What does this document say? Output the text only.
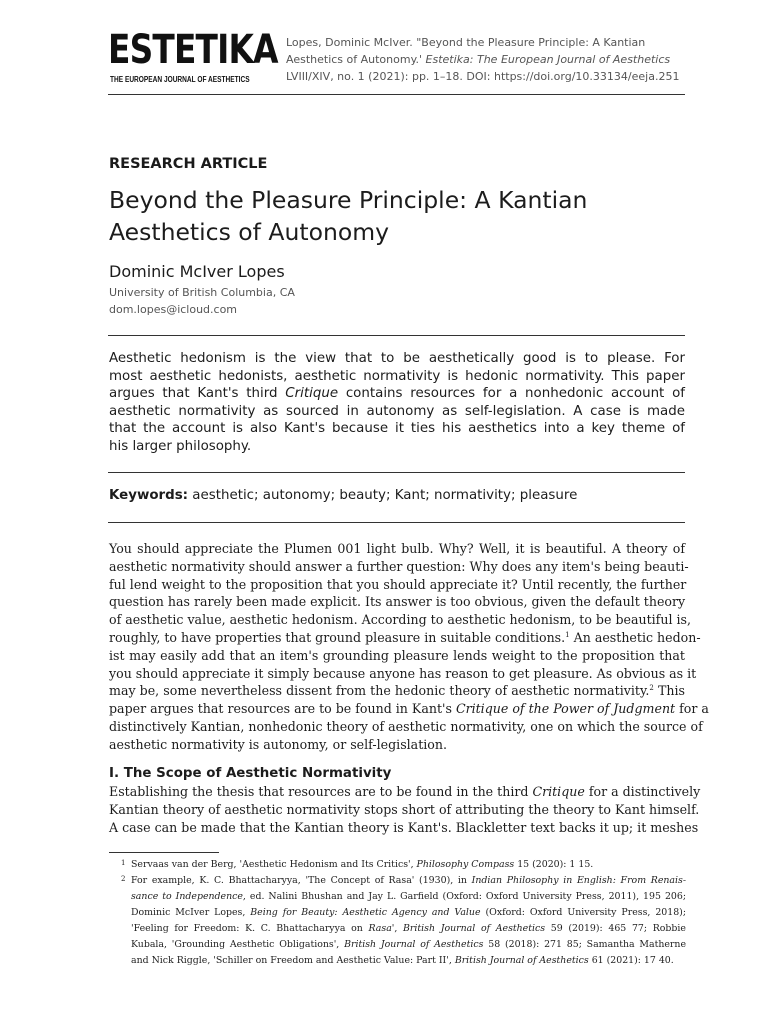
ESTETIKA
THE EUROPEAN JOURNAL OF AESTHETICS
Lopes, Dominic McIver. "Beyond the Pleasure Principle: A Kantian
Aesthetics of Autonomy.' Estetika: The European Journal of Aesthetics
LVIII/XIV, no. 1 (2021): pp. 1–18. DOI: https://doi.org/10.33134/eeja.251
RESEARCH ARTICLE
Beyond the Pleasure Principle: A Kantian
Aesthetics of Autonomy
Dominic McIver Lopes
University of British Columbia, CA
dom.lopes@icloud.com
Aesthetic hedonism is the view that to be aesthetically good is to please. For
most aesthetic hedonists, aesthetic normativity is hedonic normativity. This paper
argues that Kant's third Critique contains resources for a nonhedonic account of
aesthetic normativity as sourced in autonomy as self-legislation. A case is made
that the account is also Kant's because it ties his aesthetics into a key theme of
his larger philosophy.
Keywords: aesthetic; autonomy; beauty; Kant; normativity; pleasure
You should appreciate the Plumen 001 light bulb. Why? Well, it is beautiful. A theory of
aesthetic normativity should answer a further question: Why does any item's being beauti-
ful lend weight to the proposition that you should appreciate it? Until recently, the further
question has rarely been made explicit. Its answer is too obvious, given the default theory
of aesthetic value, aesthetic hedonism. According to aesthetic hedonism, to be beautiful is,
roughly, to have properties that ground pleasure in suitable conditions.$^1$ An aesthetic hedon-
ist may easily add that an item's grounding pleasure lends weight to the proposition that
you should appreciate it simply because anyone has reason to get pleasure. As obvious as it
may be, some nevertheless dissent from the hedonic theory of aesthetic normativity.$^2$ This
paper argues that resources are to be found in Kant's Critique of the Power of Judgment for a
distinctively Kantian, nonhedonic theory of aesthetic normativity, one on which the source of
aesthetic normativity is autonomy, or self-legislation.
I. The Scope of Aesthetic Normativity
Establishing the thesis that resources are to be found in the third Critique for a distinctively
Kantian theory of aesthetic normativity stops short of attributing the theory to Kant himself.
A case can be made that the Kantian theory is Kant's. Blackletter text backs it up; it meshes
1 Servaas van der Berg, 'Aesthetic Hedonism and Its Critics', Philosophy Compass 15 (2020): 1 15.
2 For example, K. C. Bhattacharyya, 'The Concept of Rasa' (1930), in Indian Philosophy in English: From Renais-
sance to Independence, ed. Nalini Bhushan and Jay L. Garfield (Oxford: Oxford University Press, 2011), 195 206;
Dominic McIver Lopes, Being for Beauty: Aesthetic Agency and Value (Oxford: Oxford University Press, 2018);
'Feeling for Freedom: K. C. Bhattacharyya on Rasa', British Journal of Aesthetics 59 (2019): 465 77; Robbie
Kubala, 'Grounding Aesthetic Obligations', British Journal of Aesthetics 58 (2018): 271 85; Samantha Matherne
and Nick Riggle, 'Schiller on Freedom and Aesthetic Value: Part II', British Journal of Aesthetics 61 (2021): 17 40.
